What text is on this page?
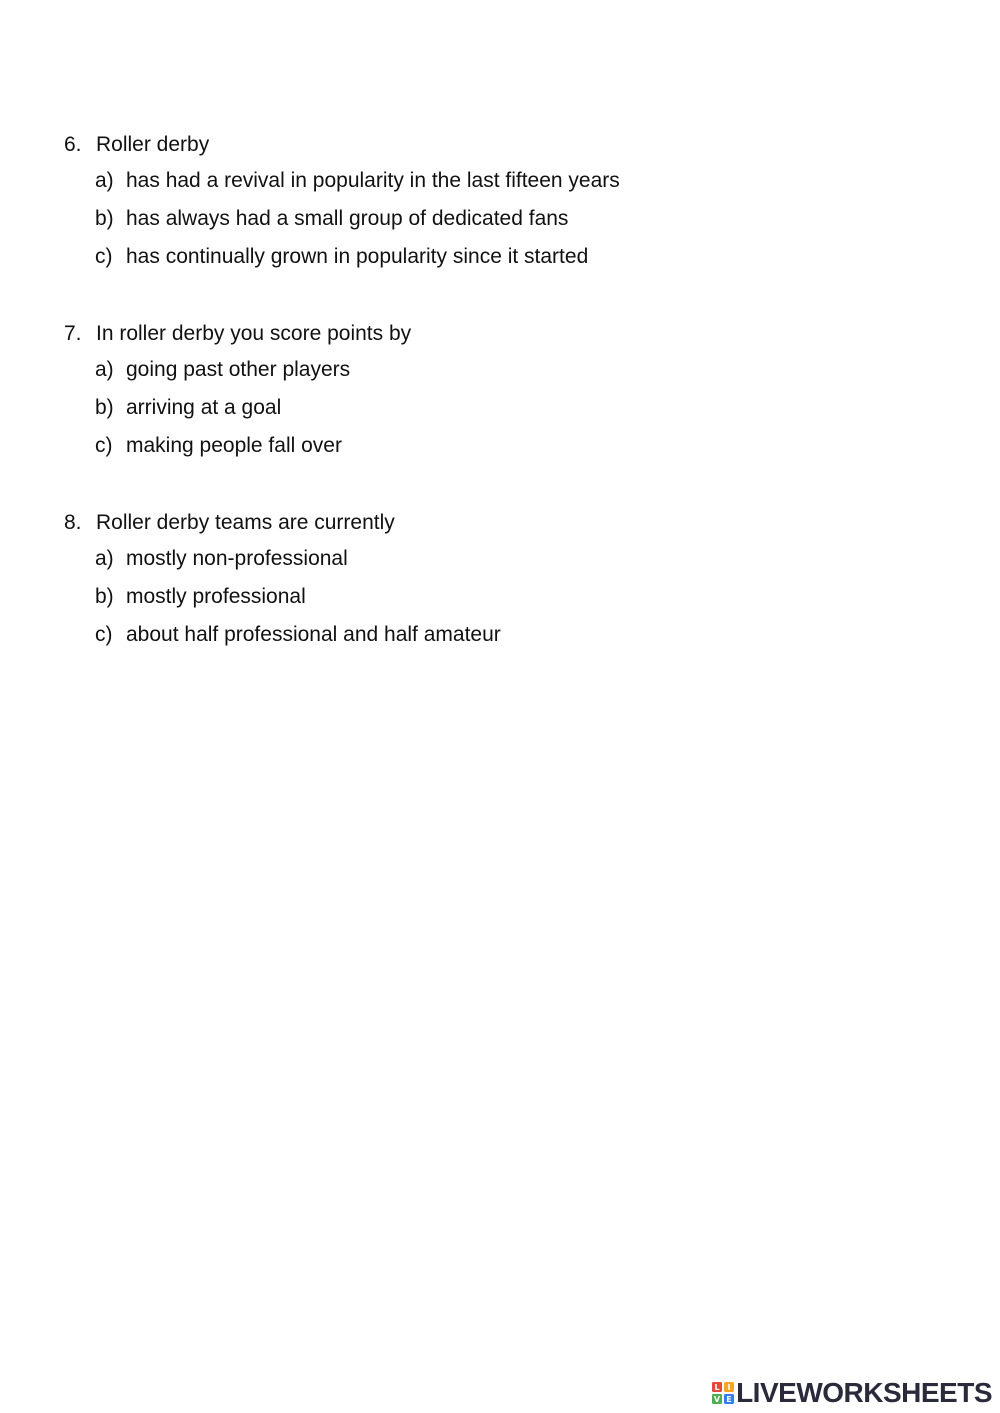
6. Roller derby
a) has had a revival in popularity in the last fifteen years
b) has always had a small group of dedicated fans
c) has continually grown in popularity since it started
7. In roller derby you score points by
a) going past other players
b) arriving at a goal
c) making people fall over
8. Roller derby teams are currently
a) mostly non-professional
b) mostly professional
c) about half professional and half amateur
L I
V E LIVEWORKSHEETS
